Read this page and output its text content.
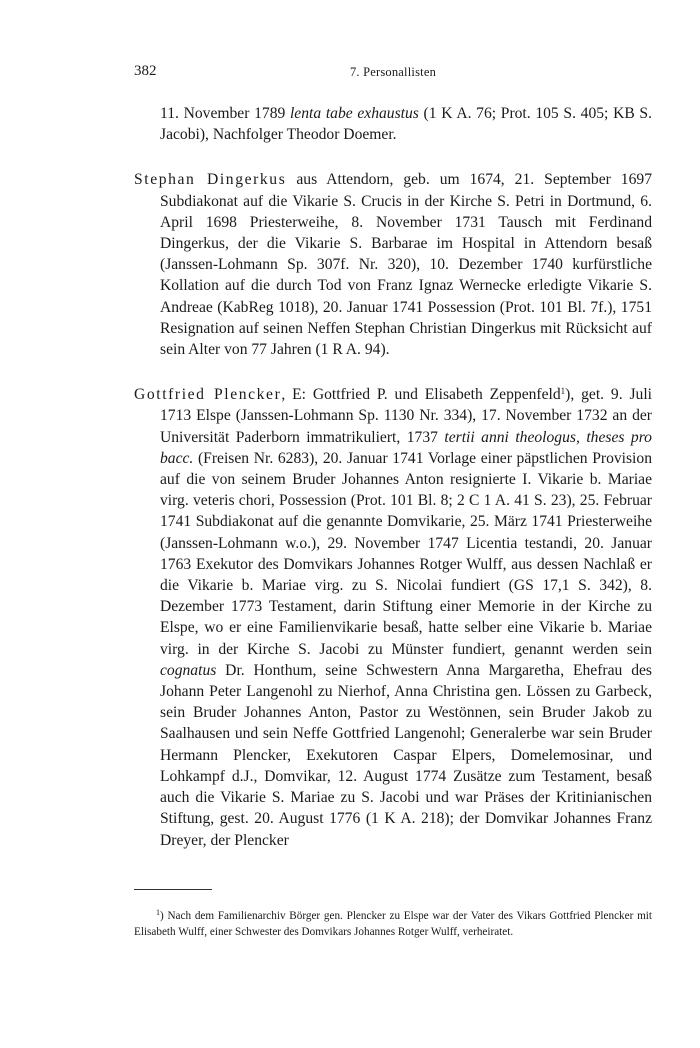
382	7. Personallisten

11. November 1789 lenta tabe exhaustus (1 K A. 76; Prot. 105 S. 405; KB S. Jacobi), Nachfolger Theodor Doemer.

Stephan Dingerkus aus Attendorn, geb. um 1674, 21. September 1697 Subdiakonat auf die Vikarie S. Crucis in der Kirche S. Petri in Dortmund, 6. April 1698 Priesterweihe, 8. November 1731 Tausch mit Ferdinand Dingerkus, der die Vikarie S. Barbarae im Hospital in Attendorn besaß (Janssen-Lohmann Sp. 307f. Nr. 320), 10. Dezember 1740 kurfürstliche Kollation auf die durch Tod von Franz Ignaz Wernecke erledigte Vikarie S. Andreae (KabReg 1018), 20. Januar 1741 Possession (Prot. 101 Bl. 7f.), 1751 Resignation auf seinen Neffen Stephan Christian Dingerkus mit Rücksicht auf sein Alter von 77 Jahren (1 R A. 94).

Gottfried Plencker, E: Gottfried P. und Elisabeth Zeppenfeld$^1$), get. 9. Juli 1713 Elspe (Janssen-Lohmann Sp. 1130 Nr. 334), 17. November 1732 an der Universität Paderborn immatrikuliert, 1737 tertii anni theologus, theses pro bacc. (Freisen Nr. 6283), 20. Januar 1741 Vorlage einer päpstlichen Provision auf die von seinem Bruder Johannes Anton resignierte I. Vikarie b. Mariae virg. veteris chori, Possession (Prot. 101 Bl. 8; 2 C 1 A. 41 S. 23), 25. Februar 1741 Subdiakonat auf die genannte Domvikarie, 25. März 1741 Priesterweihe (Janssen-Lohmann w.o.), 29. November 1747 Licentia testandi, 20. Januar 1763 Exekutor des Domvikars Johannes Rotger Wulff, aus dessen Nachlaß er die Vikarie b. Mariae virg. zu S. Nicolai fundiert (GS 17,1 S. 342), 8. Dezember 1773 Testament, darin Stiftung einer Memorie in der Kirche zu Elspe, wo er eine Familienvikarie besaß, hatte selber eine Vikarie b. Mariae virg. in der Kirche S. Jacobi zu Münster fundiert, genannt werden sein cognatus Dr. Honthum, seine Schwestern Anna Margaretha, Ehefrau des Johann Peter Langenohl zu Nierhof, Anna Christina gen. Lössen zu Garbeck, sein Bruder Johannes Anton, Pastor zu Westönnen, sein Bruder Jakob zu Saalhausen und sein Neffe Gottfried Langenohl; Generalerbe war sein Bruder Hermann Plencker, Exekutoren Caspar Elpers, Domelemosinar, und Lohkampf d.J., Domvikar, 12. August 1774 Zusätze zum Testament, besaß auch die Vikarie S. Mariae zu S. Jacobi und war Präses der Kritinianischen Stiftung, gest. 20. August 1776 (1 K A. 218); der Domvikar Johannes Franz Dreyer, der Plencker

$^1$) Nach dem Familienarchiv Börger gen. Plencker zu Elspe war der Vater des Vikars Gottfried Plencker mit Elisabeth Wulff, einer Schwester des Domvikars Johannes Rotger Wulff, verheiratet.
